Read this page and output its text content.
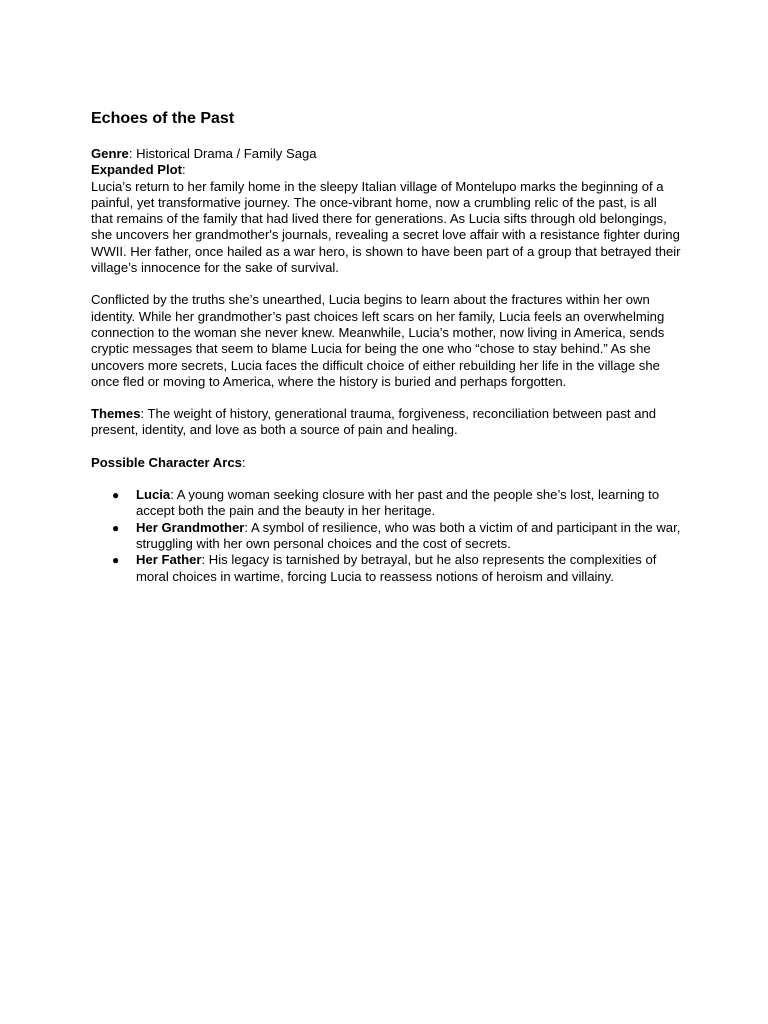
Echoes of the Past

Genre: Historical Drama / Family Saga

Expanded Plot:

Lucia’s return to her family home in the sleepy Italian village of Montelupo marks the beginning of a painful, yet transformative journey. The once-vibrant home, now a crumbling relic of the past, is all that remains of the family that had lived there for generations. As Lucia sifts through old belongings, she uncovers her grandmother's journals, revealing a secret love affair with a resistance fighter during WWII. Her father, once hailed as a war hero, is shown to have been part of a group that betrayed their village’s innocence for the sake of survival.

Conflicted by the truths she’s unearthed, Lucia begins to learn about the fractures within her own identity. While her grandmother’s past choices left scars on her family, Lucia feels an overwhelming connection to the woman she never knew. Meanwhile, Lucia’s mother, now living in America, sends cryptic messages that seem to blame Lucia for being the one who “chose to stay behind.” As she uncovers more secrets, Lucia faces the difficult choice of either rebuilding her life in the village she once fled or moving to America, where the history is buried and perhaps forgotten.

Themes: The weight of history, generational trauma, forgiveness, reconciliation between past and present, identity, and love as both a source of pain and healing.

Possible Character Arcs:

● Lucia: A young woman seeking closure with her past and the people she’s lost, learning to accept both the pain and the beauty in her heritage.
● Her Grandmother: A symbol of resilience, who was both a victim of and participant in the war, struggling with her own personal choices and the cost of secrets.
● Her Father: His legacy is tarnished by betrayal, but he also represents the complexities of moral choices in wartime, forcing Lucia to reassess notions of heroism and villainy.
